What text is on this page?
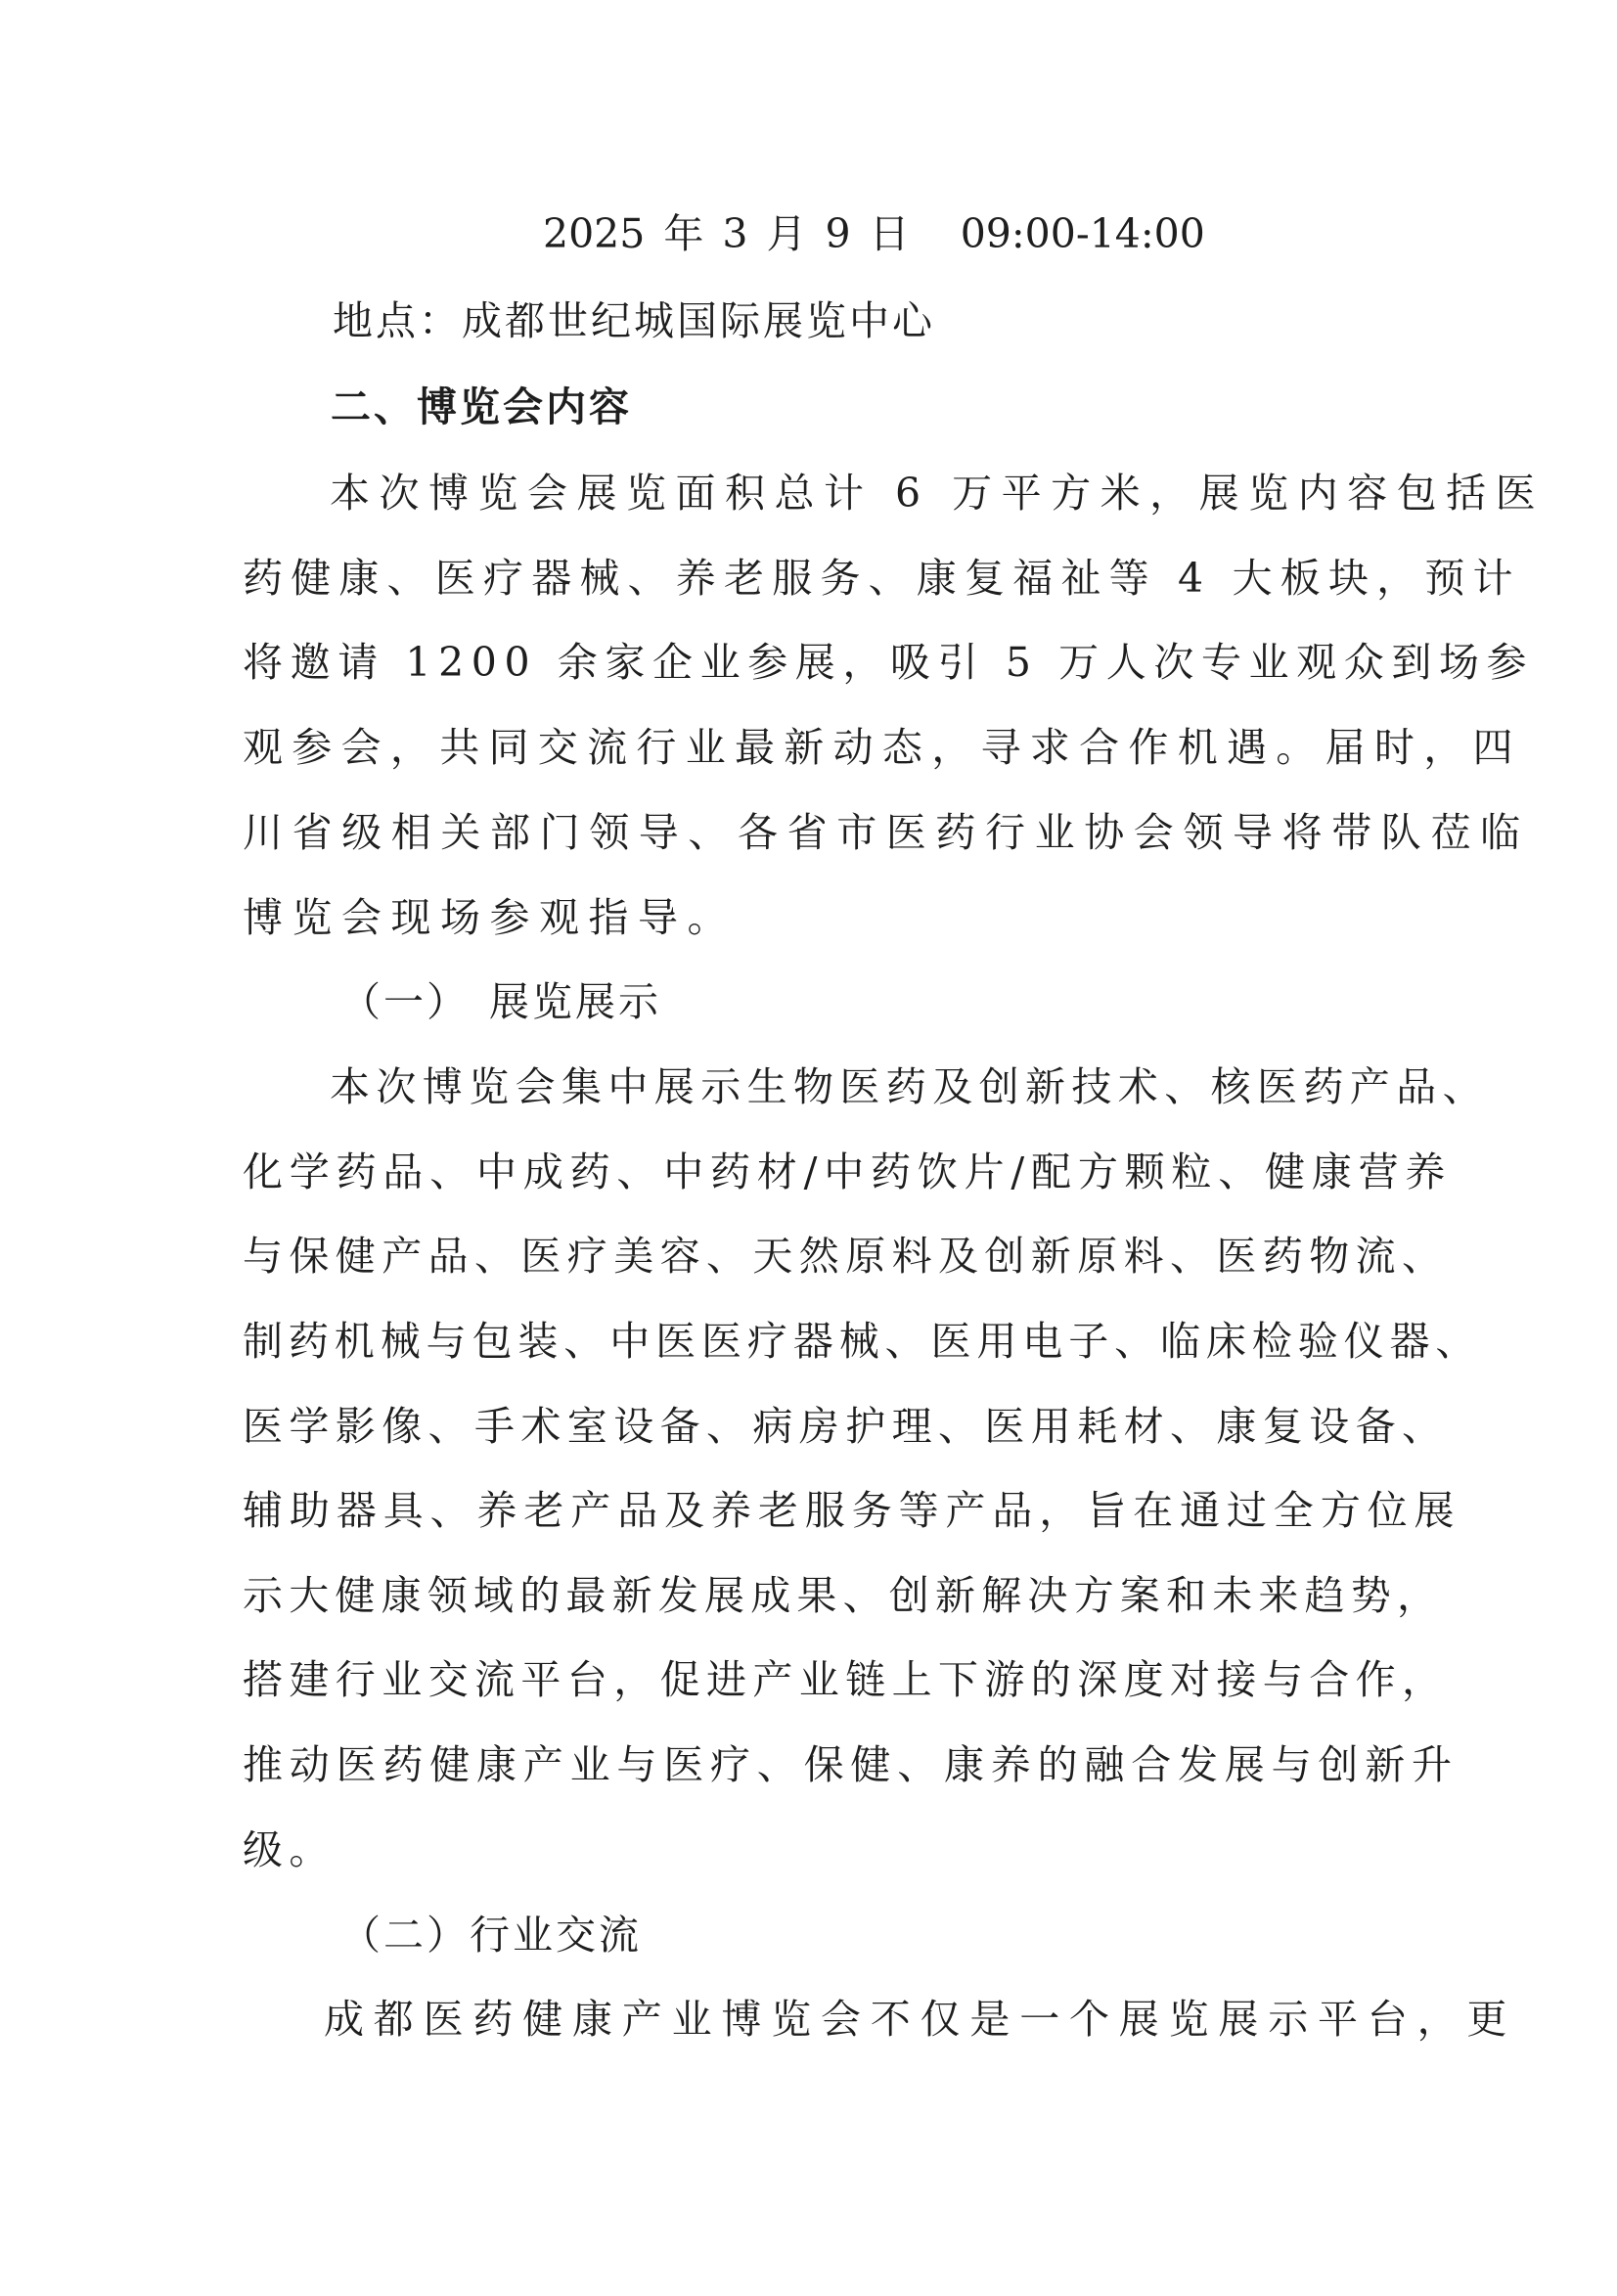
2025 年 3 月 9 日 09:00-14:00
地点：成都世纪城国际展览中心
二、博览会内容
本次博览会展览面积总计 6 万平方米，展览内容包括医
药健康、医疗器械、养老服务、康复福祉等 4 大板块，预计
将邀请 1200 余家企业参展，吸引 5 万人次专业观众到场参
观参会，共同交流行业最新动态，寻求合作机遇。届时，四
川省级相关部门领导、各省市医药行业协会领导将带队莅临
博览会现场参观指导。
（一） 展览展示
本次博览会集中展示生物医药及创新技术、核医药产品、
化学药品、中成药、中药材/中药饮片/配方颗粒、健康营养
与保健产品、医疗美容、天然原料及创新原料、医药物流、
制药机械与包装、中医医疗器械、医用电子、临床检验仪器、
医学影像、手术室设备、病房护理、医用耗材、康复设备、
辅助器具、养老产品及养老服务等产品，旨在通过全方位展
示大健康领域的最新发展成果、创新解决方案和未来趋势，
搭建行业交流平台，促进产业链上下游的深度对接与合作，
推动医药健康产业与医疗、保健、康养的融合发展与创新升
级。
（二）行业交流
成都医药健康产业博览会不仅是一个展览展示平台，更
